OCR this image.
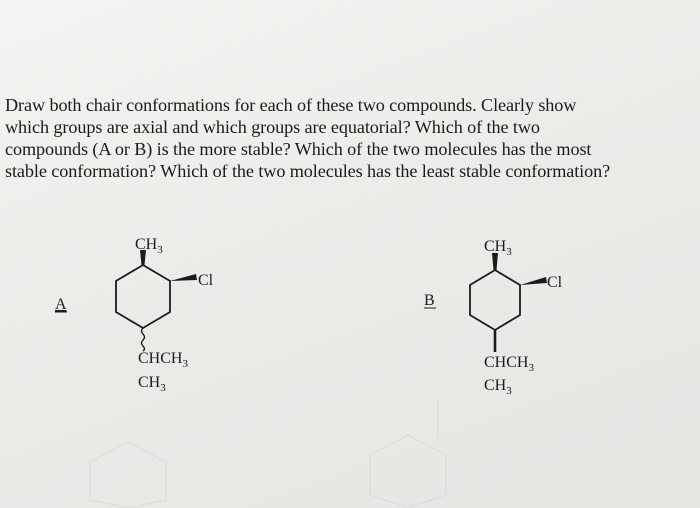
Draw both chair conformations for each of these two compounds. Clearly show
which groups are axial and which groups are equatorial? Which of the two
compounds (A or B) is the more stable? Which of the two molecules has the most
stable conformation? Which of the two molecules has the least stable conformation?
$CH_3$
Cl
$CHCH_3$
$CH_3$
A
$CH_3$
Cl
$CHCH_3$
$CH_3$
B
